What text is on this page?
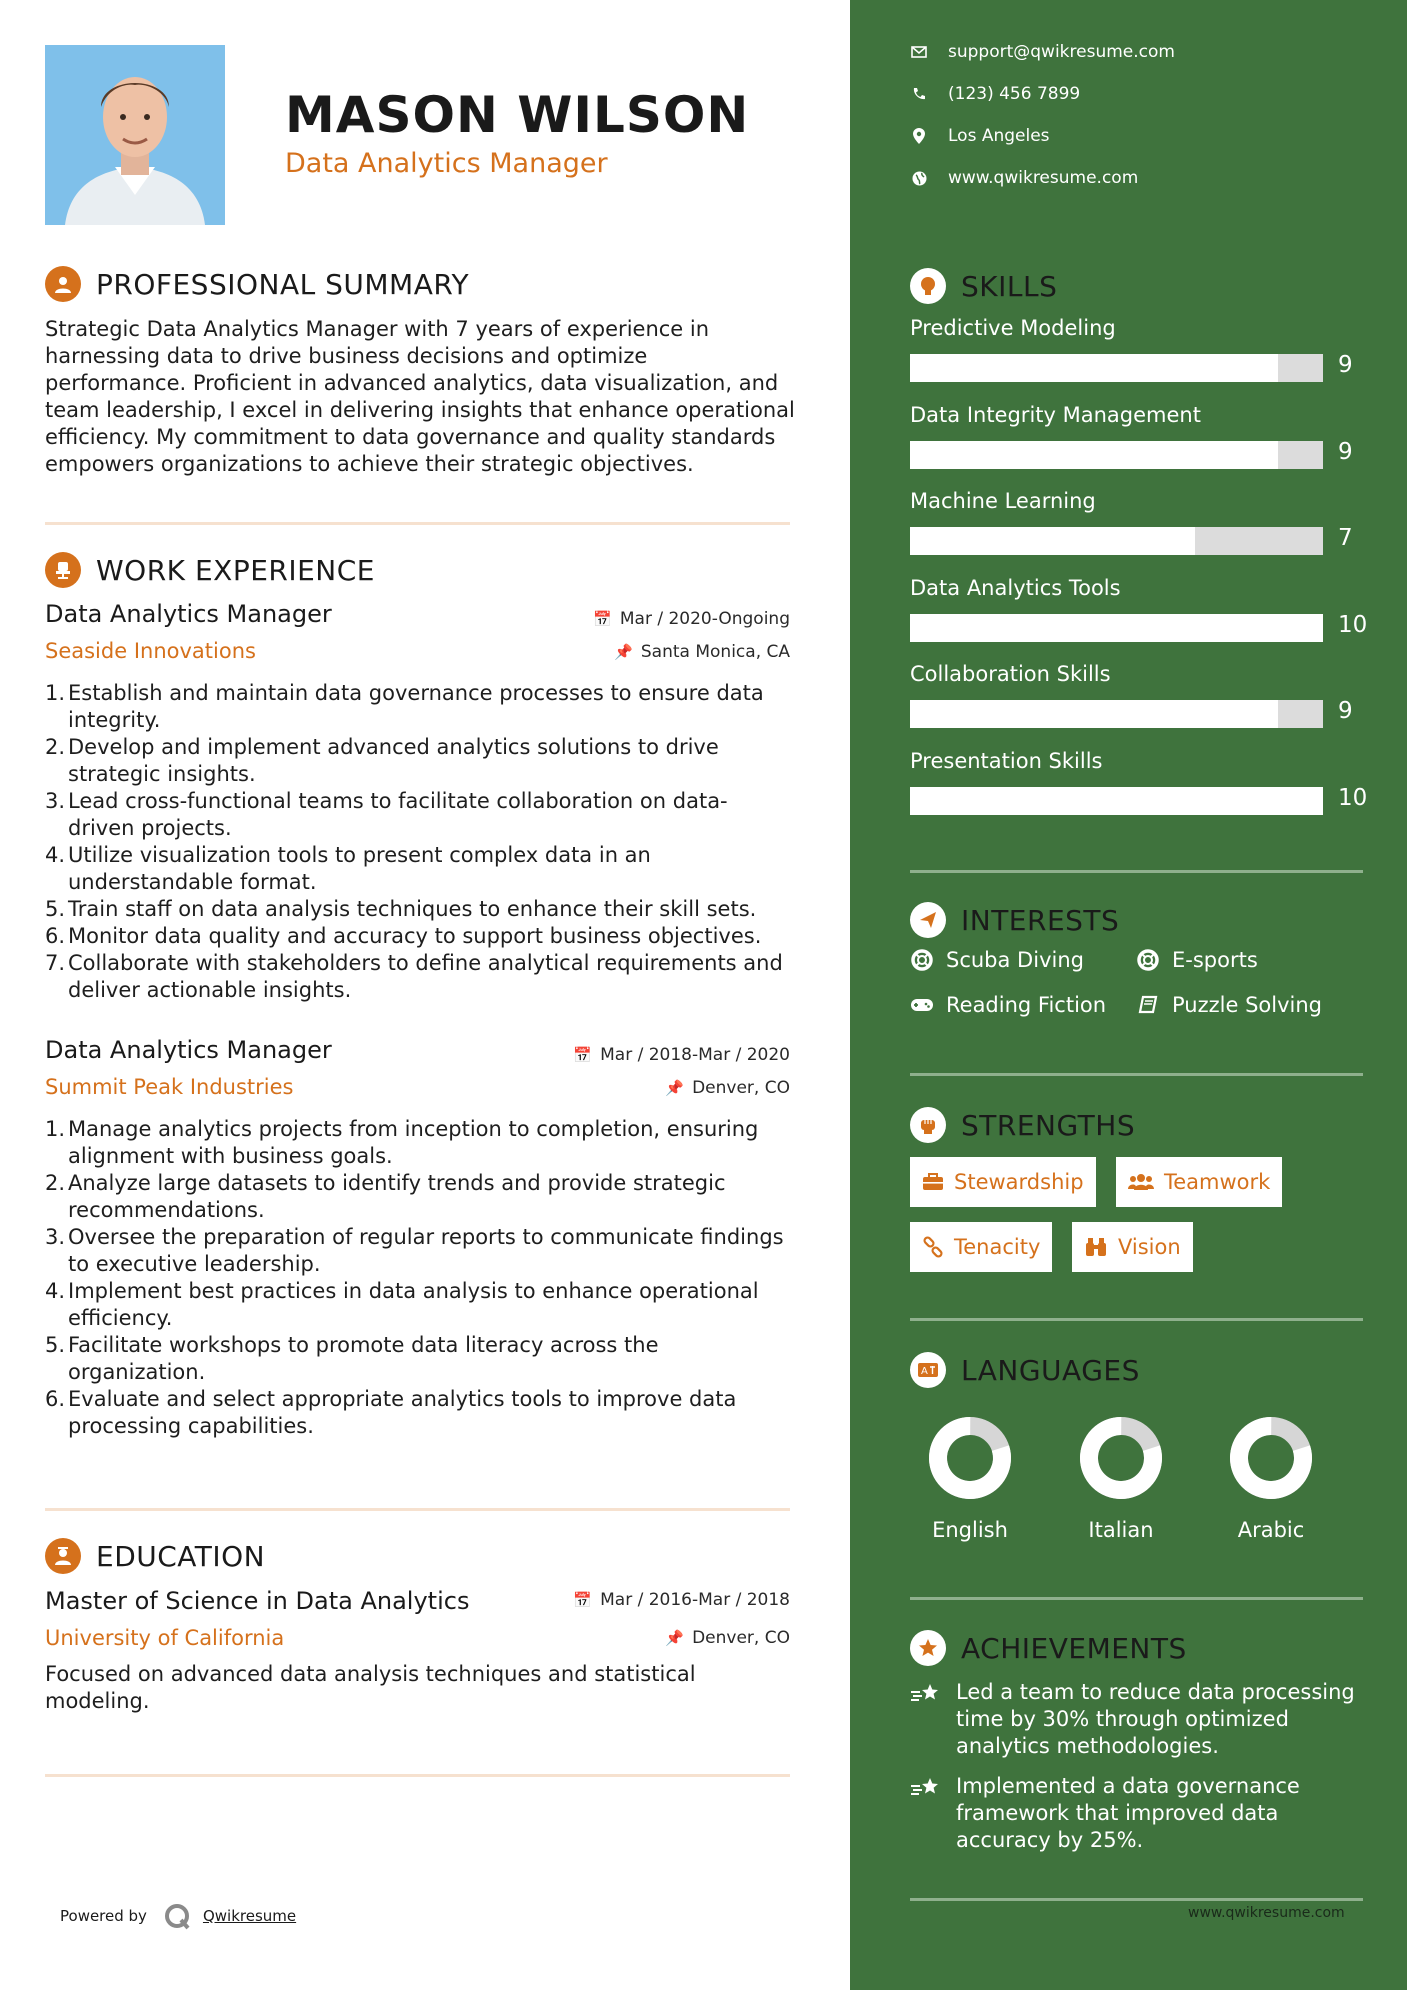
MASON WILSON
Data Analytics Manager
PROFESSIONAL SUMMARY
Strategic Data Analytics Manager with 7 years of experience in
harnessing data to drive business decisions and optimize
performance. Proficient in advanced analytics, data visualization, and
team leadership, I excel in delivering insights that enhance operational
efficiency. My commitment to data governance and quality standards
empowers organizations to achieve their strategic objectives.
WORK EXPERIENCE
Data Analytics Manager
Seaside Innovations
📅 Mar / 2020-Ongoing
📌 Santa Monica, CA
Establish and maintain data governance processes to ensure data
integrity.
Develop and implement advanced analytics solutions to drive
strategic insights.
Lead cross-functional teams to facilitate collaboration on data-
driven projects.
Utilize visualization tools to present complex data in an
understandable format.
Train staff on data analysis techniques to enhance their skill sets.
Monitor data quality and accuracy to support business objectives.
Collaborate with stakeholders to define analytical requirements and
deliver actionable insights.
Data Analytics Manager
Summit Peak Industries
📅 Mar / 2018-Mar / 2020
📌 Denver, CO
Manage analytics projects from inception to completion, ensuring
alignment with business goals.
Analyze large datasets to identify trends and provide strategic
recommendations.
Oversee the preparation of regular reports to communicate findings
to executive leadership.
Implement best practices in data analysis to enhance operational
efficiency.
Facilitate workshops to promote data literacy across the
organization.
Evaluate and select appropriate analytics tools to improve data
processing capabilities.
EDUCATION
Master of Science in Data Analytics
University of California
📅 Mar / 2016-Mar / 2018
📌 Denver, CO
Focused on advanced data analysis techniques and statistical
modeling.
Powered by	Qwikresume
support@qwikresume.com
(123) 456 7899
Los Angeles
www.qwikresume.com
SKILLS
Predictive Modeling
9
Data Integrity Management
9
Machine Learning
7
Data Analytics Tools
10
Collaboration Skills
9
Presentation Skills
10
INTERESTS
Scuba Diving	E-sports
Reading Fiction	Puzzle Solving
STRENGTHS
Stewardship	Teamwork
Tenacity	Vision
A LANGUAGES
English	Italian	Arabic
ACHIEVEMENTS
Led a team to reduce data processing
time by 30% through optimized
analytics methodologies.
Implemented a data governance
framework that improved data
accuracy by 25%.
www.qwikresume.com
